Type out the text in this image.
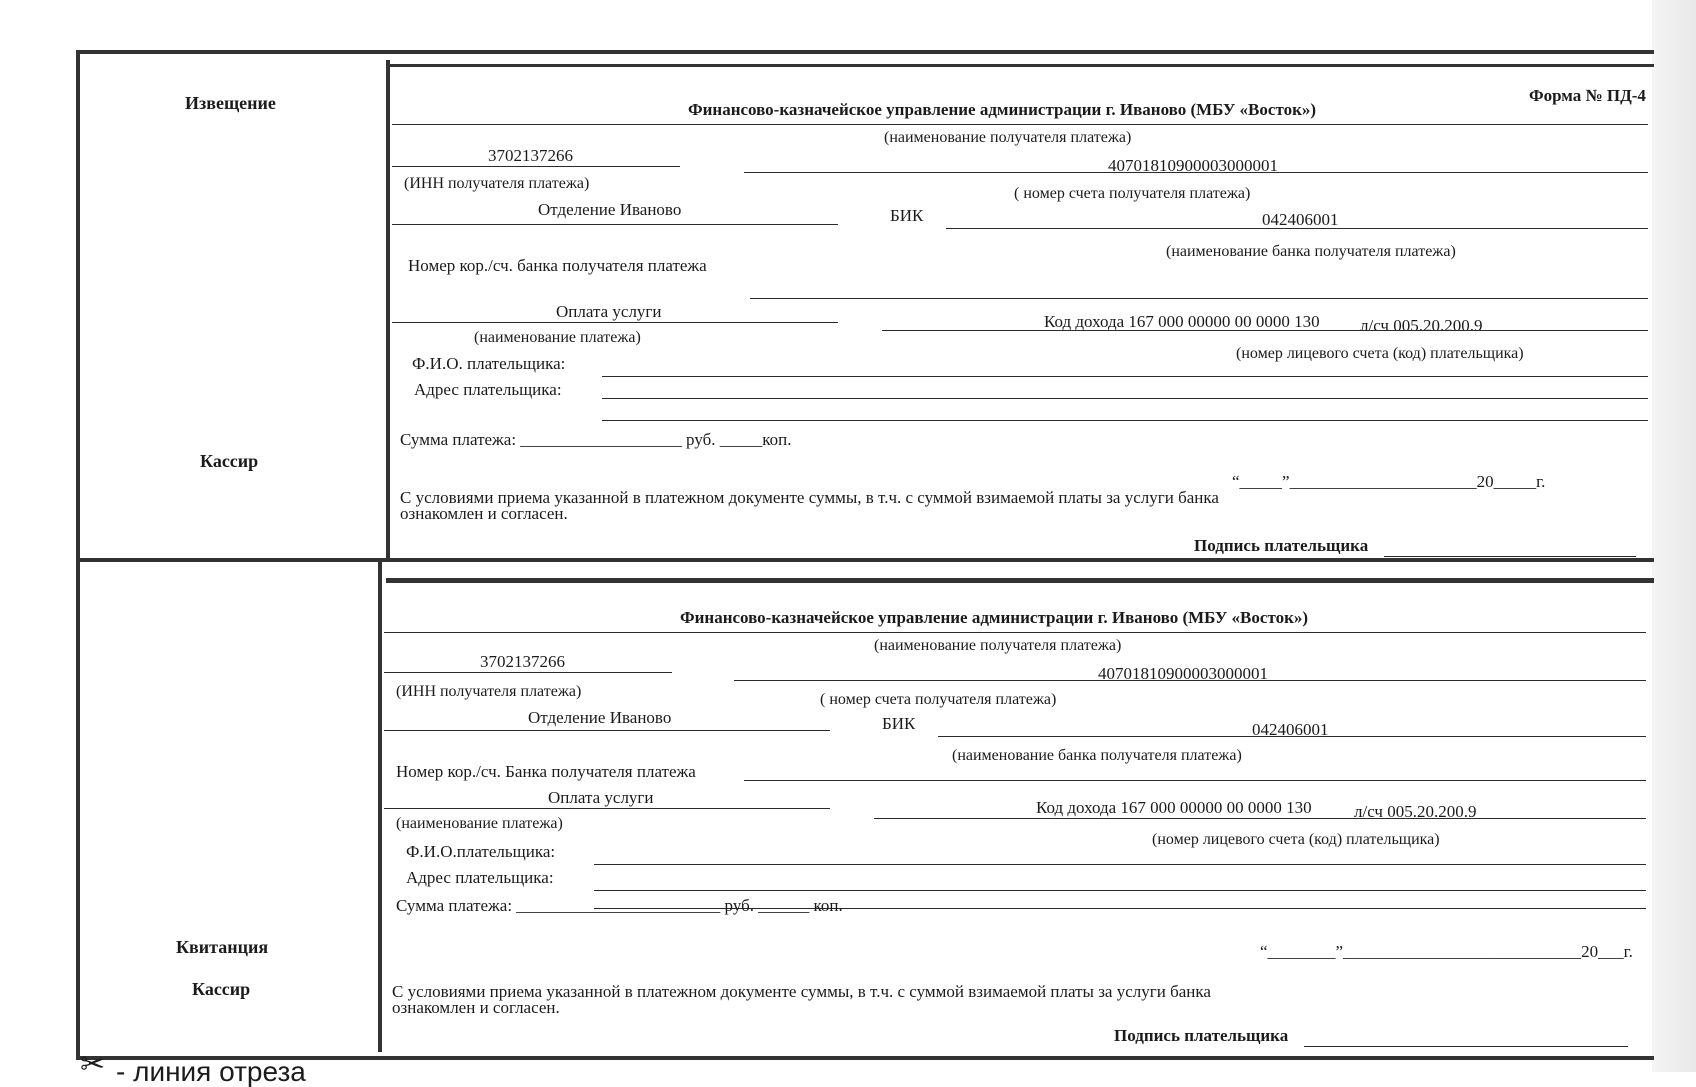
Извещение
Кассир
Форма № ПД-4
Финансово-казначейское управление администрации г. Иваново (МБУ «Восток»)
(наименование получателя платежа)
3702137266
40701810900003000001
(ИНН получателя платежа)
( номер счета получателя платежа)
Отделение Иваново	БИК	042406001
(наименование банка получателя платежа)
Номер кор./сч. банка получателя платежа
Оплата услуги
Код дохода 167 000 00000 00 0000 130 л/сч 005.20.200.9
(наименование платежа)
(номер лицевого счета (код) плательщика)
Ф.И.О. плательщика:
Адрес плательщика:
Сумма платежа: ___________________ руб. _____коп.
“_____”______________________20_____г.
С условиями приема указанной в платежном документе суммы, в т.ч. с суммой взимаемой платы за услуги банка
ознакомлен и согласен.
Подпись плательщика
Квитанция
Кассир
Финансово-казначейское управление администрации г. Иваново (МБУ «Восток»)
(наименование получателя платежа)
3702137266
40701810900003000001
(ИНН получателя платежа)	( номер счета получателя платежа)
Отделение Иваново	БИК	042406001
(наименование банка получателя платежа)
Номер кор./сч. Банка получателя платежа
Оплата услуги
Код дохода 167 000 00000 00 0000 130 л/сч 005.20.200.9
(наименование платежа)
(номер лицевого счета (код) плательщика)
Ф.И.О.плательщика:
Адрес плательщика:
Сумма платежа: ________________________ руб. ______ коп.
“________”____________________________20___г.
С условиями приема указанной в платежном документе суммы, в т.ч. с суммой взимаемой платы за услуги банка
ознакомлен и согласен.
Подпись плательщика
✂ - линия отреза
